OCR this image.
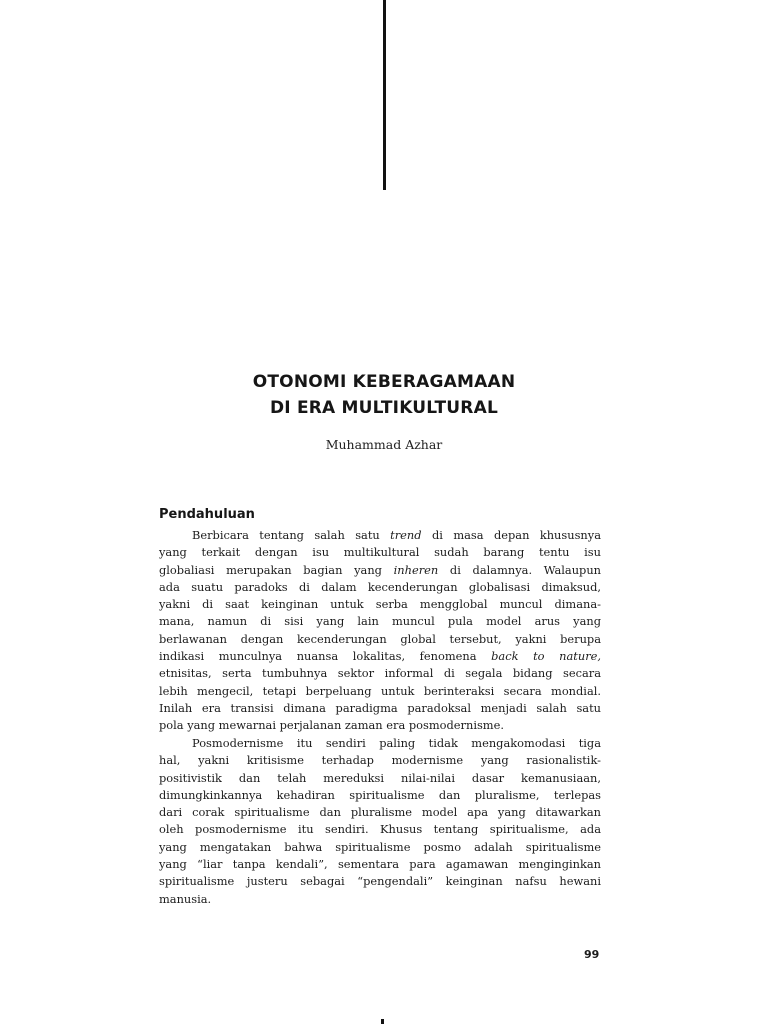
OTONOMI KEBERAGAMAAN
DI ERA MULTIKULTURAL
Muhammad Azhar
Pendahuluan
Berbicara tentang salah satu trend di masa depan khususnya
yang terkait dengan isu multikultural sudah barang tentu isu
globaliasi merupakan bagian yang inheren di dalamnya. Walaupun
ada suatu paradoks di dalam kecenderungan globalisasi dimaksud,
yakni di saat keinginan untuk serba mengglobal muncul dimana-
mana, namun di sisi yang lain muncul pula model arus yang
berlawanan dengan kecenderungan global tersebut, yakni berupa
indikasi munculnya nuansa lokalitas, fenomena back to nature,
etnisitas, serta tumbuhnya sektor informal di segala bidang secara
lebih mengecil, tetapi berpeluang untuk berinteraksi secara mondial.
Inilah era transisi dimana paradigma paradoksal menjadi salah satu
pola yang mewarnai perjalanan zaman era posmodernisme.
Posmodernisme itu sendiri paling tidak mengakomodasi tiga
hal, yakni kritisisme terhadap modernisme yang rasionalistik-
positivistik dan telah mereduksi nilai-nilai dasar kemanusiaan,
dimungkinkannya kehadiran spiritualisme dan pluralisme, terlepas
dari corak spiritualisme dan pluralisme model apa yang ditawarkan
oleh posmodernisme itu sendiri. Khusus tentang spiritualisme, ada
yang mengatakan bahwa spiritualisme posmo adalah spiritualisme
yang “liar tanpa kendali”, sementara para agamawan menginginkan
spiritualisme justeru sebagai “pengendali” keinginan nafsu hewani
manusia.
99
